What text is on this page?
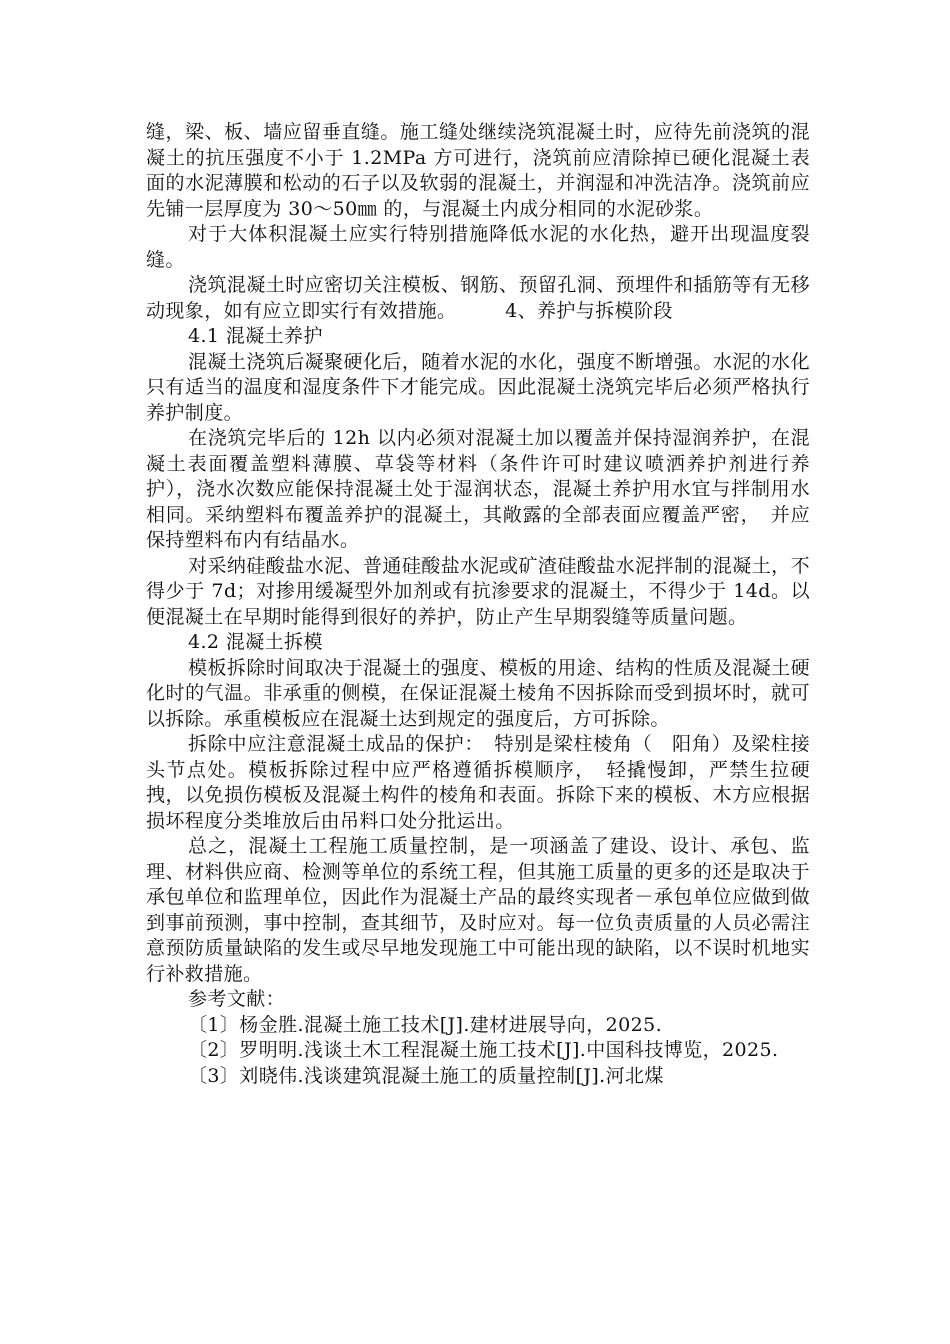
缝，梁、板、墙应留垂直缝。施工缝处继续浇筑混凝土时，应待先前浇筑的混凝土的抗压强度不小于 1.2MPa 方可进行，浇筑前应清除掉已硬化混凝土表面的水泥薄膜和松动的石子以及软弱的混凝土，并润湿和冲洗洁净。浇筑前应先铺一层厚度为 30～50㎜ 的，与混凝土内成分相同的水泥砂浆。

对于大体积混凝土应实行特别措施降低水泥的水化热，避开出现温度裂缝。

浇筑混凝土时应密切关注模板、钢筋、预留孔洞、预埋件和插筋等有无移动现象，如有应立即实行有效措施。　　　4、养护与拆模阶段

4.1 混凝土养护

混凝土浇筑后凝聚硬化后，随着水泥的水化，强度不断增强。水泥的水化只有适当的温度和湿度条件下才能完成。因此混凝土浇筑完毕后必须严格执行养护制度。

在浇筑完毕后的 12h 以内必须对混凝土加以覆盖并保持湿润养护，在混凝土表面覆盖塑料薄膜、草袋等材料（条件许可时建议喷洒养护剂进行养护），浇水次数应能保持混凝土处于湿润状态，混凝土养护用水宜与拌制用水相同。采纳塑料布覆盖养护的混凝土，其敞露的全部表面应覆盖严密，　并应保持塑料布内有结晶水。

对采纳硅酸盐水泥、普通硅酸盐水泥或矿渣硅酸盐水泥拌制的混凝土，不得少于 7d；对掺用缓凝型外加剂或有抗渗要求的混凝土，不得少于 14d。以便混凝土在早期时能得到很好的养护，防止产生早期裂缝等质量问题。

4.2 混凝土拆模

模板拆除时间取决于混凝土的强度、模板的用途、结构的性质及混凝土硬化时的气温。非承重的侧模，在保证混凝土棱角不因拆除而受到损坏时，就可以拆除。承重模板应在混凝土达到规定的强度后，方可拆除。

拆除中应注意混凝土成品的保护：　特别是梁柱棱角（　阳角）及梁柱接头节点处。模板拆除过程中应严格遵循拆模顺序，　轻撬慢卸，严禁生拉硬拽，以免损伤模板及混凝土构件的棱角和表面。拆除下来的模板、木方应根据损坏程度分类堆放后由吊料口处分批运出。

总之，混凝土工程施工质量控制，是一项涵盖了建设、设计、承包、监理、材料供应商、检测等单位的系统工程，但其施工质量的更多的还是取决于承包单位和监理单位，因此作为混凝土产品的最终实现者－承包单位应做到做到事前预测，事中控制，查其细节，及时应对。每一位负责质量的人员必需注意预防质量缺陷的发生或尽早地发现施工中可能出现的缺陷，以不误时机地实行补救措施。

参考文献：

〔1〕杨金胜.混凝土施工技术[J].建材进展导向，2025.

〔2〕罗明明.浅谈土木工程混凝土施工技术[J].中国科技博览，2025.

〔3〕刘晓伟.浅谈建筑混凝土施工的质量控制[J].河北煤
